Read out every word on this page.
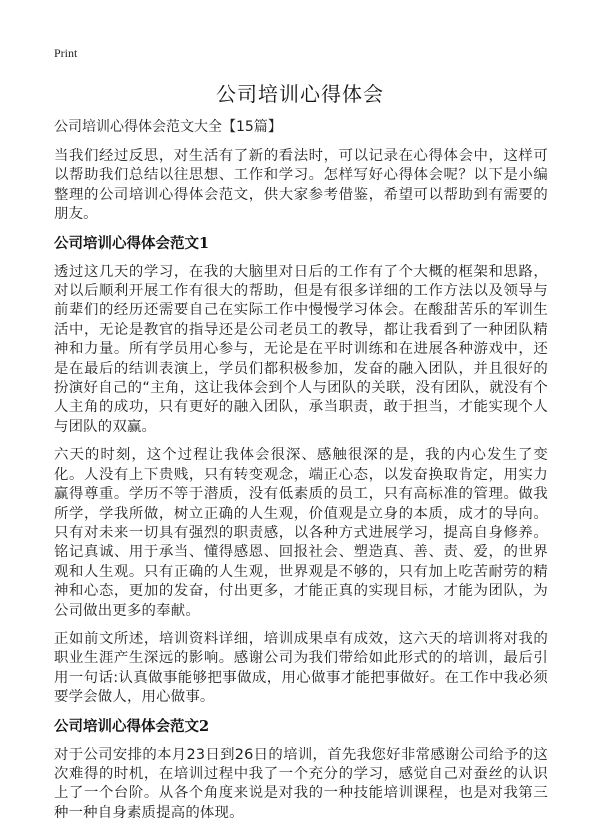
Print
公司培训心得体会

公司培训心得体会范文大全【15篇】

当我们经过反思，对生活有了新的看法时，可以记录在心得体会中，这样可以帮助我们总结以往思想、工作和学习。怎样写好心得体会呢？以下是小编整理的公司培训心得体会范文，供大家参考借鉴，希望可以帮助到有需要的朋友。

公司培训心得体会范文1

透过这几天的学习，在我的大脑里对日后的工作有了个大概的框架和思路，对以后顺利开展工作有很大的帮助，但是有很多详细的工作方法以及领导与前辈们的经历还需要自己在实际工作中慢慢学习体会。在酸甜苦乐的军训生活中，无论是教官的指导还是公司老员工的教导，都让我看到了一种团队精神和力量。所有学员用心参与，无论是在平时训练和在进展各种游戏中，还是在最后的结训表演上，学员们都积极参加，发奋的融入团队，并且很好的扮演好自己的“主角，这让我体会到个人与团队的关联，没有团队，就没有个人主角的成功，只有更好的融入团队，承当职责，敢于担当，才能实现个人与团队的双赢。

六天的时刻，这个过程让我体会很深、感触很深的是，我的内心发生了变化。人没有上下贵贱，只有转变观念，端正心态，以发奋换取肯定，用实力赢得尊重。学历不等于潜质，没有低素质的员工，只有高标准的管理。做我所学，学我所做，树立正确的人生观，价值观是立身的本质，成才的导向。只有对未来一切具有强烈的职责感，以各种方式进展学习，提高自身修养。铭记真诚、用于承当、懂得感恩、回报社会、塑造真、善、责、爱，的世界观和人生观。只有正确的人生观，世界观是不够的，只有加上吃苦耐劳的精神和心态，更加的发奋，付出更多，才能正真的实现目标，才能为团队，为公司做出更多的奉献。

正如前文所述，培训资料详细，培训成果卓有成效，这六天的培训将对我的职业生涯产生深远的影响。感谢公司为我们带给如此形式的的培训，最后引用一句话:认真做事能够把事做成，用心做事才能把事做好。在工作中我必须要学会做人，用心做事。

公司培训心得体会范文2

对于公司安排的本月23日到26日的培训，首先我您好非常感谢公司给予的这次难得的时机，在培训过程中我了一个充分的学习，感觉自己对蚕丝的认识上了一个台阶。从各个角度来说是对我的一种技能培训课程，也是对我第三种一种自身素质提高的体现。
